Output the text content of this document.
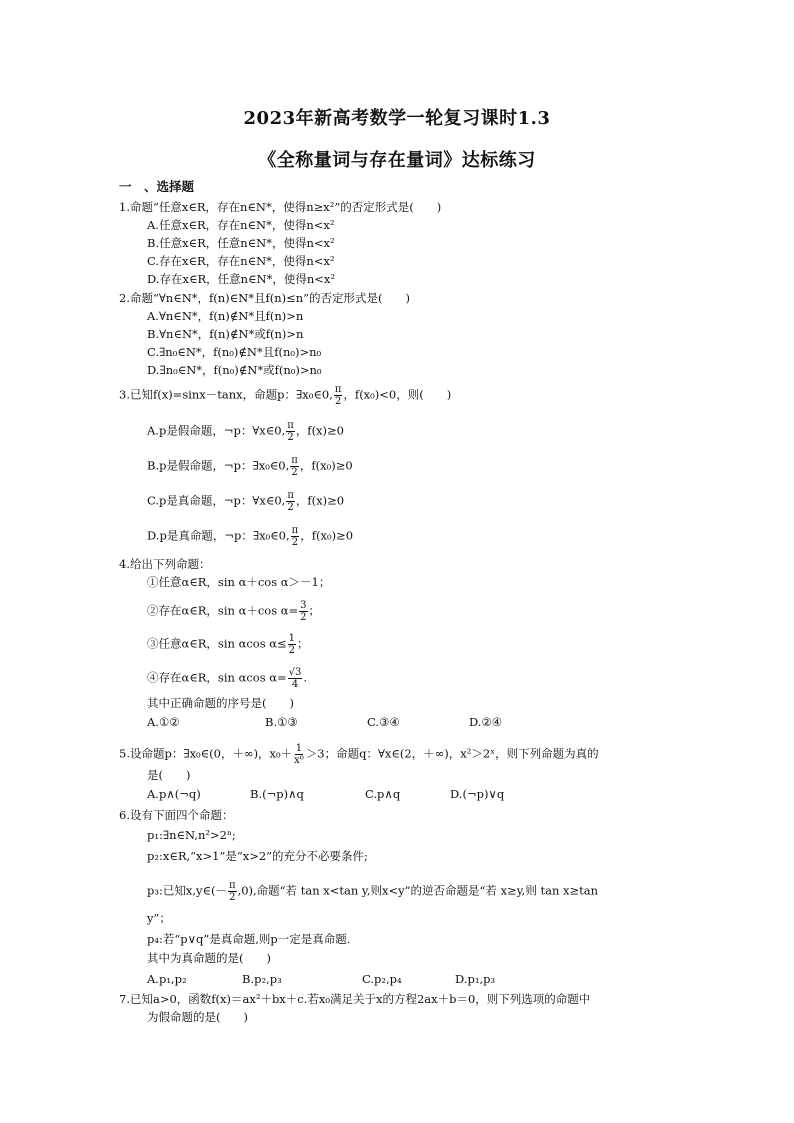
2023年新高考数学一轮复习课时1.3
《全称量词与存在量词》达标练习
一　、选择题
1.命题“任意x∈R，存在n∈N*，使得n≥x²”的否定形式是(　　)
A.任意x∈R，存在n∈N*，使得n<x²
B.任意x∈R，任意n∈N*，使得n<x²
C.存在x∈R，存在n∈N*，使得n<x²
D.存在x∈R，任意n∈N*，使得n<x²
2.命题“∀n∈N*，f(n)∈N*且f(n)≤n”的否定形式是(　　)
A.∀n∈N*，f(n)∉N*且f(n)>n
B.∀n∈N*，f(n)∉N*或f(n)>n
C.∃n₀∈N*，f(n₀)∉N*且f(n₀)>n₀
D.∃n₀∈N*，f(n₀)∉N*或f(n₀)>n₀
3.已知f(x)=sinx－tanx，命题p：∃x₀∈0, $\frac{\pi}{2}$ ，f(x₀)<0，则(　　)
A.p是假命题，¬p：∀x∈0, $\frac{\pi}{2}$ ，f(x)≥0
B.p是假命题，¬p：∃x₀∈0, $\frac{\pi}{2}$ ，f(x₀)≥0
C.p是真命题，¬p：∀x∈0, $\frac{\pi}{2}$ ，f(x)≥0
D.p是真命题，¬p：∃x₀∈0, $\frac{\pi}{2}$ ，f(x₀)≥0
4.给出下列命题：
①任意α∈R，sin α＋cos α＞－1；
②存在α∈R，sin α＋cos $\alpha= \frac{3}{2}$ ；
③任意α∈R，sin αcos $\alpha\le \frac{1}{2}$ ；
④存在α∈R，sin αcos $\alpha= \frac{√3}{4}$ .
其中正确命题的序号是(　　)
A.①②	B.①③	C.③④	D.②④
5.设命题p：∃x₀∈(0，＋∞)，$x_0+ \frac{1}{\text{x⁰}} >3$；命题q：∀x∈(2，＋∞)，x²＞2ˣ，则下列命题为真的
是(　　)
A.p∧(¬q)	B.(¬p)∧q	C.p∧q	D.(¬p)∨q
6.设有下面四个命题：
p₁:∃n∈N,n²>2ⁿ;
p₂:x∈R,“x>1”是“x>2”的充分不必要条件;
p₃:已知x,y∈(－ $\frac{\pi}{2} ,0$),命题“若 tan x<tan y,则x<y”的逆否命题是“若 x≥y,则 tan x≥tan
y”；
p₄:若“p∨q”是真命题,则p一定是真命题.
其中为真命题的是(　　)
A.p₁,p₂	B.p₂,p₃	C.p₂,p₄	D.p₁,p₃
7.已知a>0，函数f(x)＝ax²＋bx＋c.若x₀满足关于x的方程2ax＋b＝0，则下列选项的命题中
为假命题的是(　　)
